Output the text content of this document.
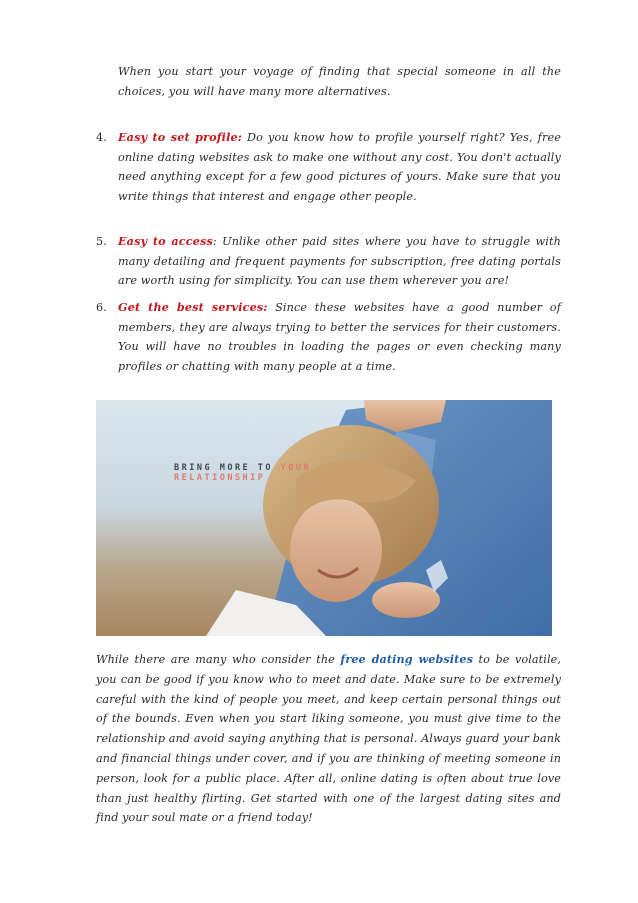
When you start your voyage of finding that special someone in all the choices, you will have many more alternatives.

4. Easy to set profile: Do you know how to profile yourself right? Yes, free online dating websites ask to make one without any cost. You don't actually need anything except for a few good pictures of yours. Make sure that you write things that interest and engage other people.
5. Easy to access: Unlike other paid sites where you have to struggle with many detailing and frequent payments for subscription, free dating portals are worth using for simplicity. You can use them wherever you are!
6. Get the best services: Since these websites have a good number of members, they are always trying to better the services for their customers. You will have no troubles in loading the pages or even checking many profiles or chatting with many people at a time.
BRING MORE TO YOUR
RELATIONSHIP

While there are many who consider the free dating websites to be volatile, you can be good if you know who to meet and date. Make sure to be extremely careful with the kind of people you meet, and keep certain personal things out of the bounds. Even when you start liking someone, you must give time to the relationship and avoid saying anything that is personal. Always guard your bank and financial things under cover, and if you are thinking of meeting someone in person, look for a public place. After all, online dating is often about true love than just healthy flirting. Get started with one of the largest dating sites and find your soul mate or a friend today!
